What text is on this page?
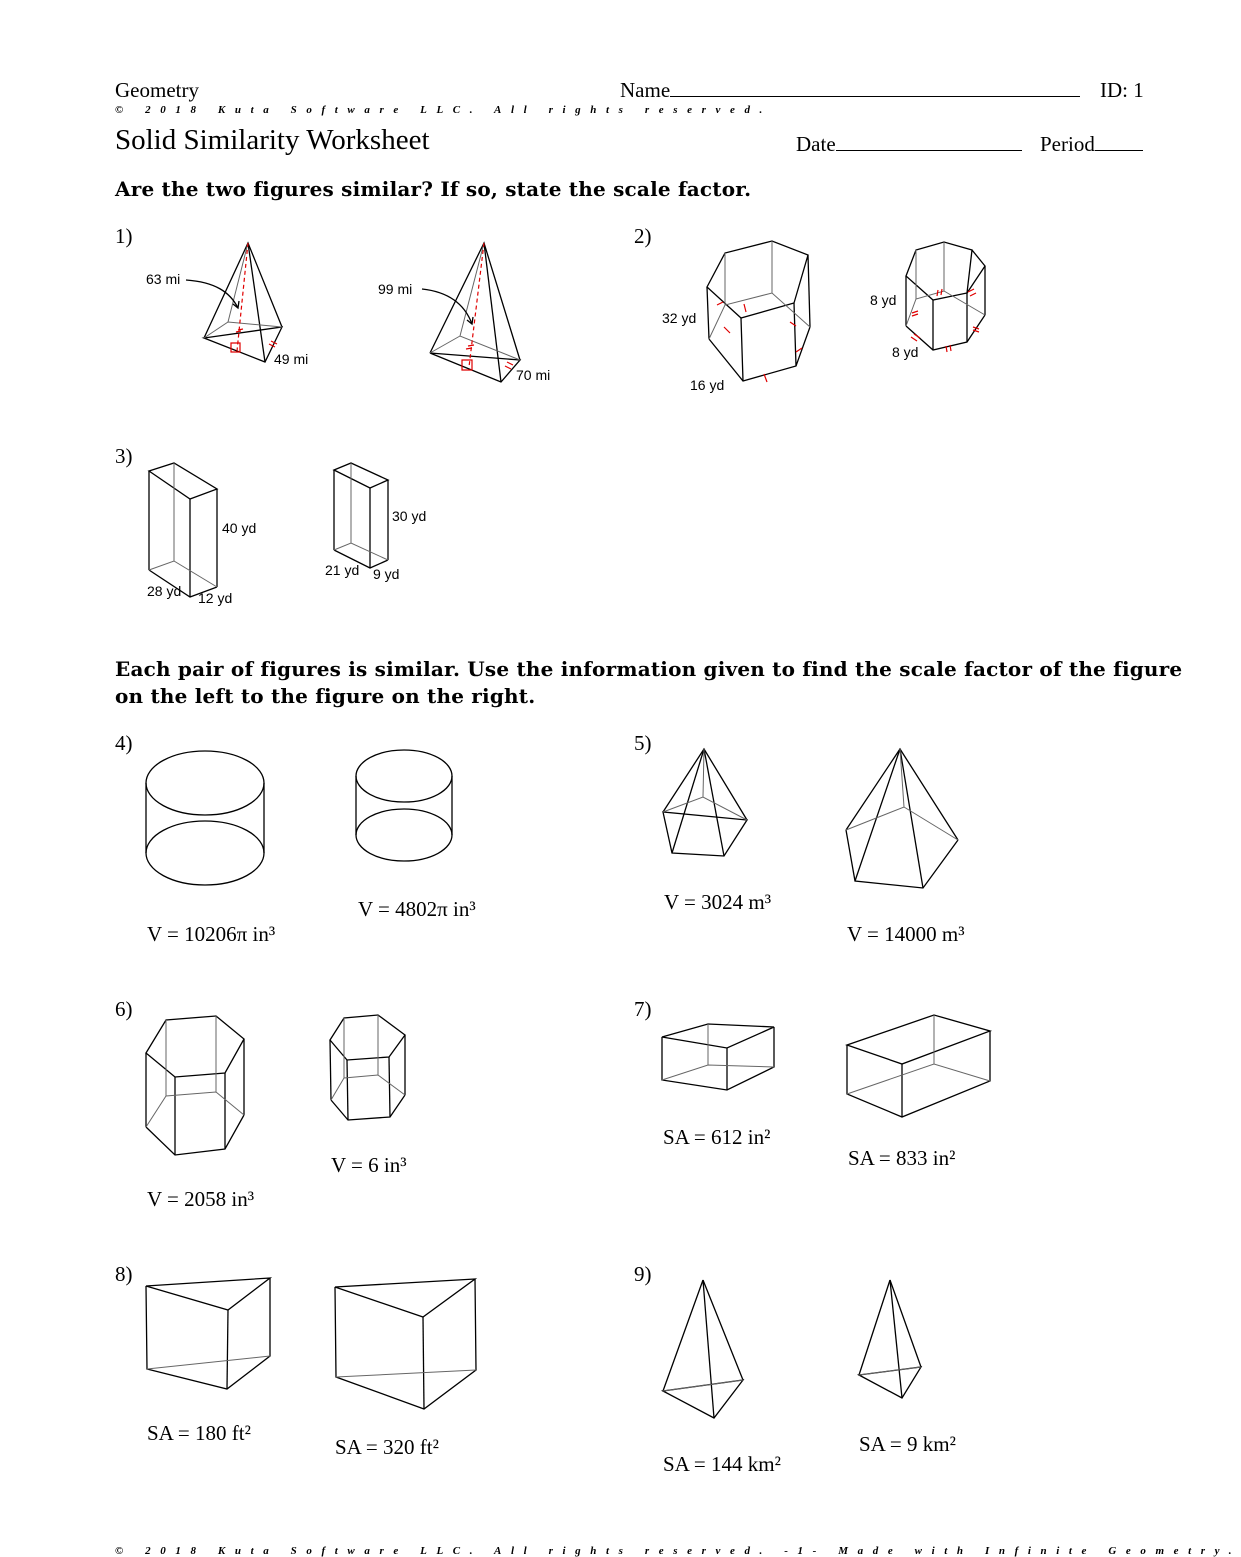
Geometry	Name	ID: 1
© 2018 Kuta Software LLC. All rights reserved.
Solid Similarity Worksheet	Date	Period
Are the two figures similar? If so, state the scale factor.
1)	2)
3)
63 mi
49 mi
99 mi
70 mi
32 yd
16 yd
8 yd
8 yd
40 yd
28 yd 12 yd
30 yd
21 yd 9 yd
Each pair of figures is similar. Use the information given to find the scale factor of the figure
on the left to the figure on the right.
4)	5)
6)	7)
8)	9)
V = 10206π in³
V = 4802π in³	V = 3024 m³
V = 14000 m³
V = 2058 in³
V = 6 in³
SA = 612 in²
SA = 833 in²
SA = 180 ft²
SA = 320 ft²
SA = 144 km²
SA = 9 km²
© 2018 Kuta Software LLC. All rights reserved. -1- Made with Infinite Geometry.
